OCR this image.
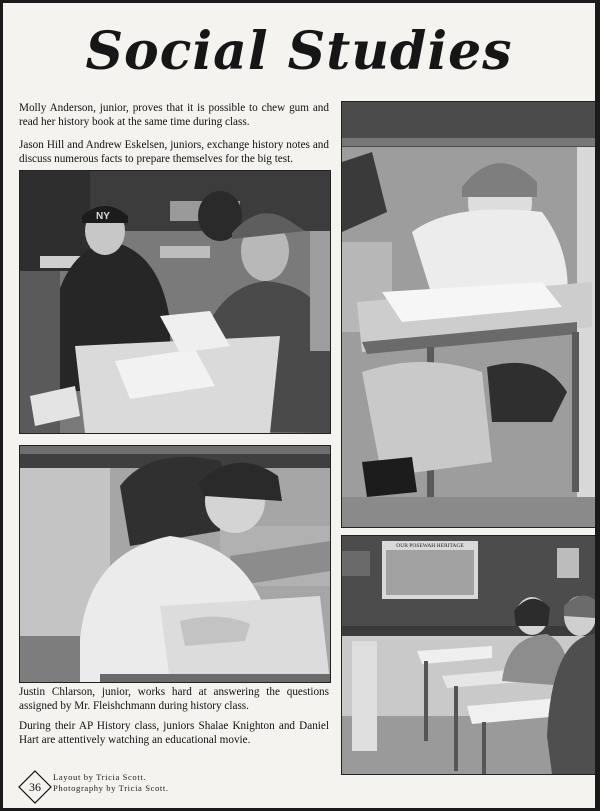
Social Studies

Molly Anderson, junior, proves that it is possible to chew gum and read her history book at the same time during class.

Jason Hill and Andrew Eskelsen, juniors, exchange history notes and discuss numerous facts to prepare themselves for the big test.

NY

Justin Chlarson, junior, works hard at answering the questions assigned by Mr. Fleishchmann during history class.

During their AP History class, juniors Shalae Knighton and Daniel Hart are attentively watching an educational movie.

OUR POSEWAH HERITAGE
36
Layout by Tricia Scott.
Photography by Tricia Scott.
